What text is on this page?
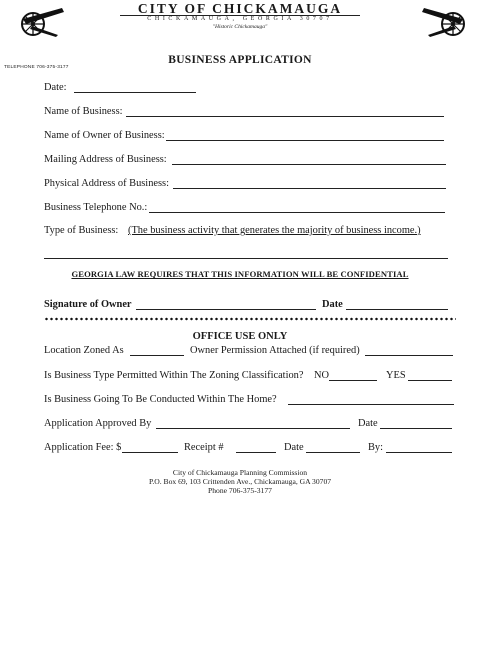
CITY OF CHICKAMAUGA
CHICKAMAUGA, GEORGIA 30707
"Historic Chickamauga"
TELEPHONE 706-375-3177
BUSINESS APPLICATION
Date:
Name of Business:
Name of Owner of Business:
Mailing Address of Business:
Physical Address of Business:
Business Telephone No.:
Type of Business: (The business activity that generates the majority of business income.)
GEORGIA LAW REQUIRES THAT THIS INFORMATION WILL BE CONFIDENTIAL
Signature of Owner	Date
OFFICE USE ONLY
Location Zoned As	Owner Permission Attached (if required)
Is Business Type Permitted Within The Zoning Classification? NO	YES
Is Business Going To Be Conducted Within The Home?
Application Approved By	Date
Application Fee: $	Receipt #	Date	By:
City of Chickamauga Planning Commission
P.O. Box 69, 103 Crittenden Ave., Chickamauga, GA 30707
Phone 706-375-3177
